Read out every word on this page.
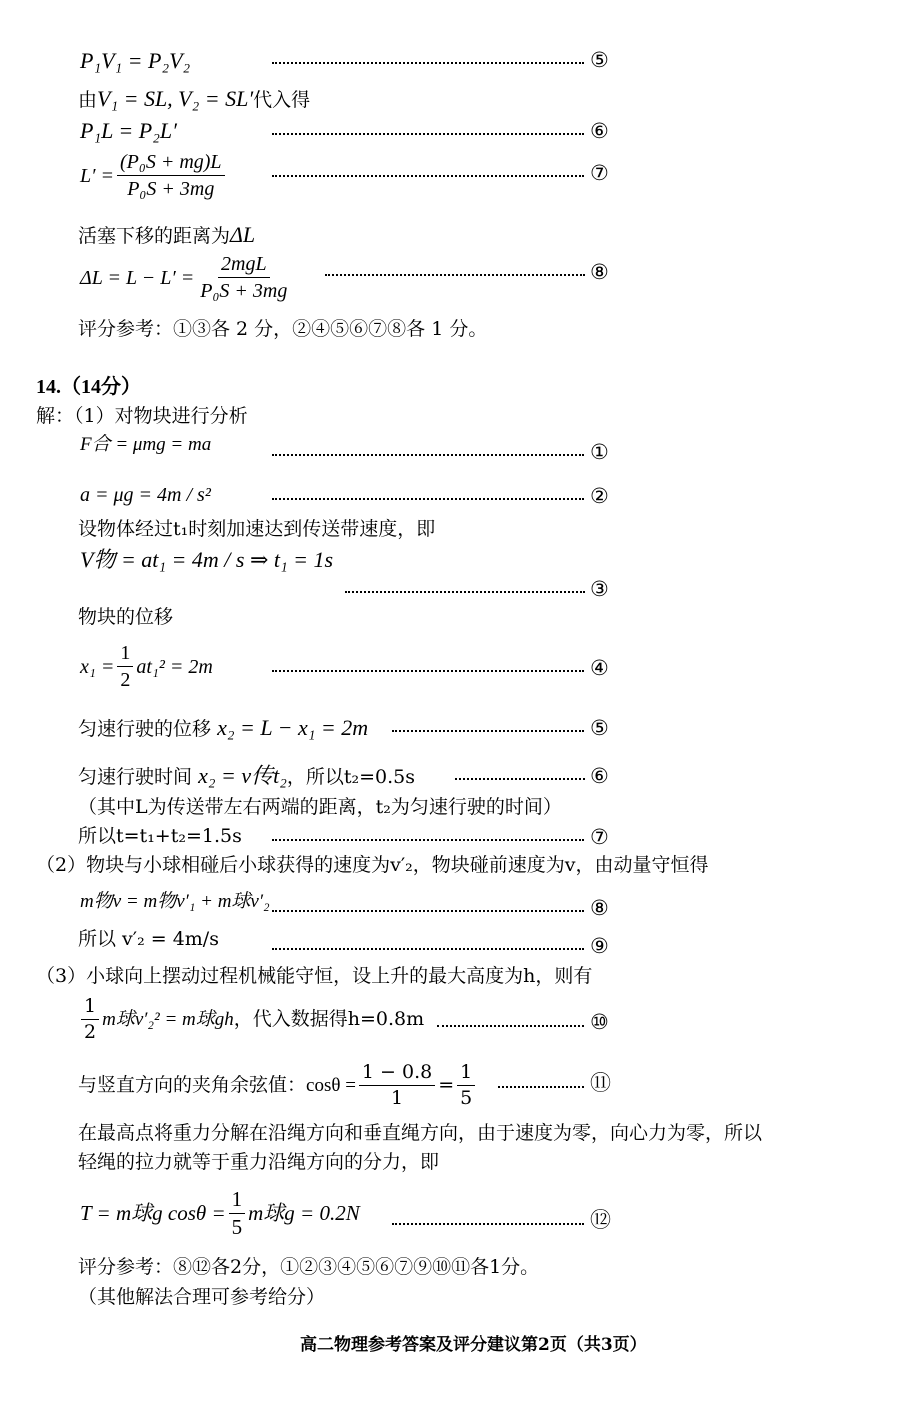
P₁V₁ = P₂V₂	⑤
由V₁ = SL, V₂ = SL′代入得
P₁L = P₂L′	⑥
$L' = \frac{\text{(P₀S + mg)L}}{\text{P₀S + 3mg}}$	⑦
活塞下移的距离为ΔL
$\Delta L = L - L' = \frac{\text{2mgL}}{\text{P₀S + 3mg}}$	⑧
评分参考：①③各 2 分，②④⑤⑥⑦⑧各 1 分。
14.（14分）
解：（1）对物块进行分析
F合 = μmg = ma	①
a = μg = 4m / s²	②
设物体经过t₁时刻加速达到传送带速度，即
V物 = at₁ = 4m / s ⇒ t₁ = 1s
③
物块的位移
$x_1 = \frac{1}{2} at_1^2 = 2m$	④
匀速行驶的位移 x₂ = L − x₁ = 2m	⑤
匀速行驶时间 x₂ = v传t₂，所以t₂=0.5s	⑥
（其中L为传送带左右两端的距离，t₂为匀速行驶的时间）
所以t=t₁+t₂=1.5s	⑦
（2）物块与小球相碰后小球获得的速度为v′₂，物块碰前速度为v，由动量守恒得
m物v = m物v′₁ + m球v′₂	⑧
所以 v′₂ = 4m/s	⑨
（3）小球向上摆动过程机械能守恒，设上升的最大高度为h，则有
$\frac{1}{2}$ m球v′₂² = m球gh ，代入数据得h=0.8m	⑩
与竖直方向的夹角余弦值： $\cos\theta = \frac{1 - 0.8}{1} = \frac{1}{5}$	⑪
在最高点将重力分解在沿绳方向和垂直绳方向，由于速度为零，向心力为零，所以
轻绳的拉力就等于重力沿绳方向的分力，即
T = m球g $\cos\theta = \frac{1}{5}$ m球g = 0.2N	⑫
评分参考：⑧⑫各2分，①②③④⑤⑥⑦⑨⑩⑪各1分。
（其他解法合理可参考给分）
高二物理参考答案及评分建议第2页（共3页）
